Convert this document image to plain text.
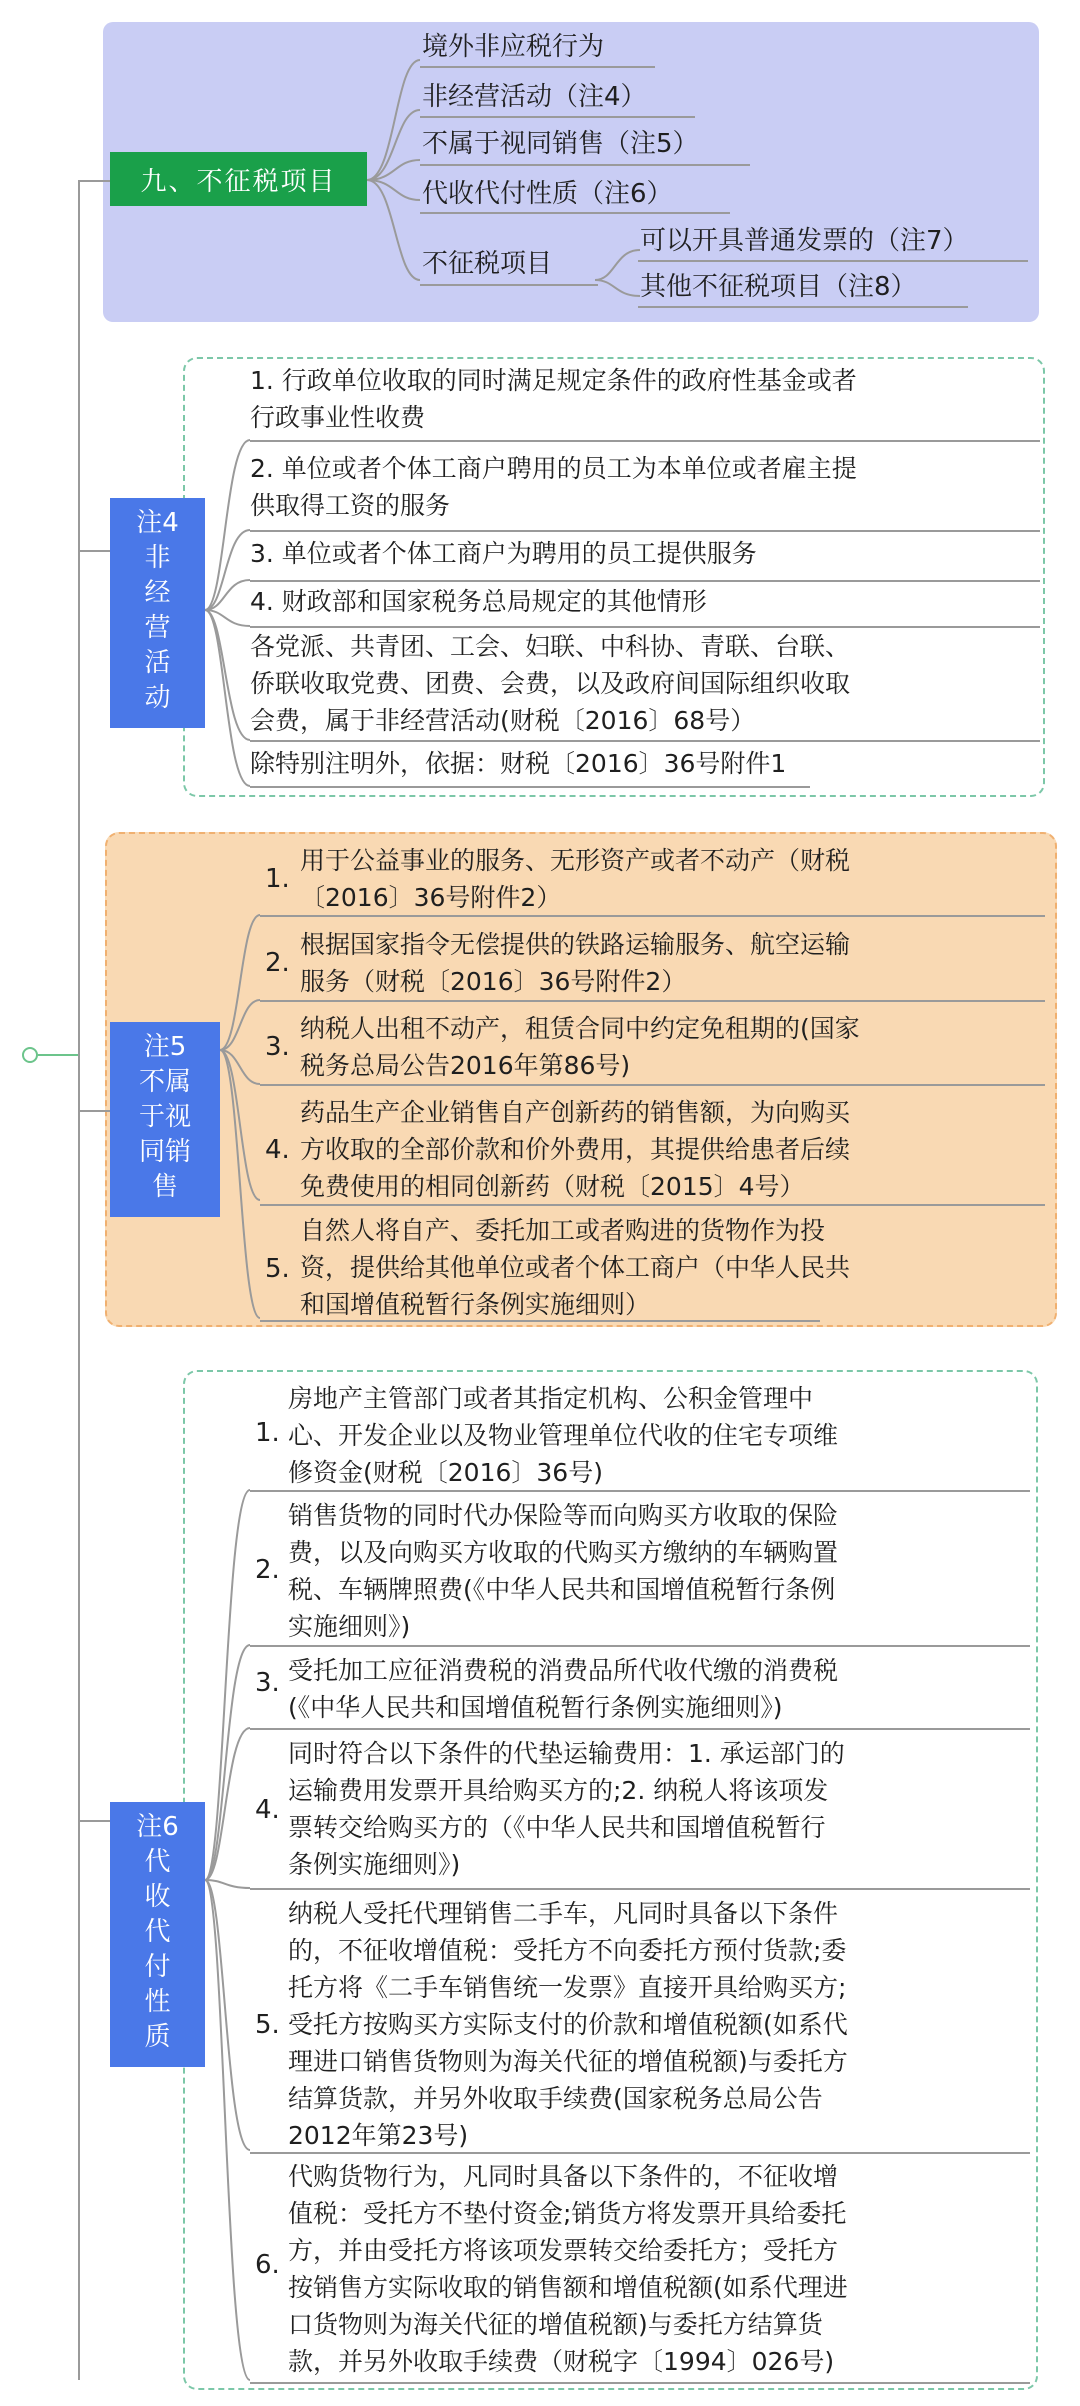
九、不征税项目
境外非应税行为
非经营活动（注4）
不属于视同销售（注5）
代收代付性质（注6）
不征税项目
可以开具普通发票的（注7）
其他不征税项目（注8）
注4
非
经
营
活
动
1. 行政单位收取的同时满足规定条件的政府性基金或者
行政事业性收费
2. 单位或者个体工商户聘用的员工为本单位或者雇主提
供取得工资的服务
3. 单位或者个体工商户为聘用的员工提供服务
4. 财政部和国家税务总局规定的其他情形
各党派、共青团、工会、妇联、中科协、青联、台联、
侨联收取党费、团费、会费，以及政府间国际组织收取
会费，属于非经营活动(财税〔2016〕68号）
除特别注明外，依据：财税〔2016〕36号附件1
注5
不属
于视
同销
售
1.
用于公益事业的服务、无形资产或者不动产（财税
〔2016〕36号附件2）
2.
根据国家指令无偿提供的铁路运输服务、航空运输
服务（财税〔2016〕36号附件2）
3.
纳税人出租不动产，租赁合同中约定免租期的(国家
税务总局公告2016年第86号)
4.
药品生产企业销售自产创新药的销售额，为向购买
方收取的全部价款和价外费用，其提供给患者后续
免费使用的相同创新药（财税〔2015〕4号）
5.
自然人将自产、委托加工或者购进的货物作为投
资，提供给其他单位或者个体工商户（中华人民共
和国增值税暂行条例实施细则）
注6
代
收
代
付
性
质
1.
房地产主管部门或者其指定机构、公积金管理中
心、开发企业以及物业管理单位代收的住宅专项维
修资金(财税〔2016〕36号)
2.
销售货物的同时代办保险等而向购买方收取的保险
费，以及向购买方收取的代购买方缴纳的车辆购置
税、车辆牌照费(《中华人民共和国增值税暂行条例
实施细则》)
3. 受托加工应征消费税的消费品所代收代缴的消费税
(《中华人民共和国增值税暂行条例实施细则》)
4.
同时符合以下条件的代垫运输费用：1. 承运部门的
运输费用发票开具给购买方的;2. 纳税人将该项发
票转交给购买方的（《中华人民共和国增值税暂行
条例实施细则》)
5.
纳税人受托代理销售二手车，凡同时具备以下条件
的，不征收增值税：受托方不向委托方预付货款;委
托方将《二手车销售统一发票》直接开具给购买方;
受托方按购买方实际支付的价款和增值税额(如系代
理进口销售货物则为海关代征的增值税额)与委托方
结算货款，并另外收取手续费(国家税务总局公告
2012年第23号)
6.
代购货物行为，凡同时具备以下条件的，不征收增
值税：受托方不垫付资金;销货方将发票开具给委托
方，并由受托方将该项发票转交给委托方；受托方
按销售方实际收取的销售额和增值税额(如系代理进
口货物则为海关代征的增值税额)与委托方结算货
款，并另外收取手续费（财税字〔1994〕026号)
